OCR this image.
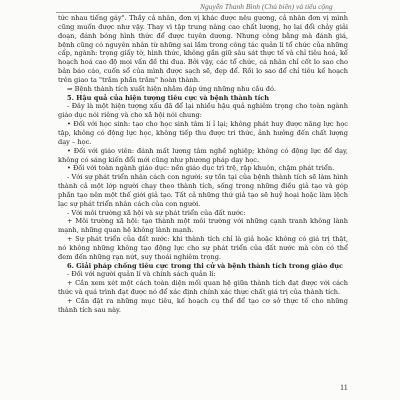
Nguyễn Thanh Bình (Chủ biên) và tiểu cộng

tức nhau tiếng gáy". Thầy cả nhân, đơn vị khác được nêu gương, cả nhân đơn vị mình cũng muốn được như vậy. Thay vì tập trung nâng cao chất lượng, họ lại đổi chảy giải đoạn, đánh bóng hình thức để được tuyên dương. Nhưng công bằng mà đánh giá, bệnh cũng có nguyên nhân từ những sai lầm trong công tác quản lí tổ chức của những cấp, ngành: trọng giấy tờ, hình thức, không gắn giữ sâu sát thực tế và chỉ tiêu hoá, kế hoạch hoá cao độ mọi vấn đề thi đua. Bởi vậy, các tổ chức, cá nhân chỉ cốt lo sao cho bản báo cáo, cuốn sổ của mình được sạch sẽ, đẹp để. Rồi lo sao để chỉ tiêu kế hoạch trên giao ta "trăm phần trăm" hoàn thành.

⇒ Bệnh thành tích xuất hiện nhằm đáp ứng những nhu cầu đó.

5. Hậu quả của hiện tượng tiêu cực và bệnh thành tích

- Đây là một hiện tượng xấu đã để lại nhiều hậu quả nghiêm trọng cho toàn ngành giáo dục nói riêng và cho xã hội nói chung:

• Đối với học sinh: tạo cho học sinh tâm lí ỉ lại; không phát huy được năng lực học tập, không có động lực học, không tiếp thu được tri thức, ảnh hưởng đến chất lượng dạy – học.

• Đối với giáo viên: đánh mất lương tâm nghề nghiệp; không có động lực để dạy, không có sáng kiến đổi mới cũng như phương pháp dạy học.

• Đối với toàn ngành giáo dục: nền giáo dục trì trệ, rập khuôn, chậm phát triển.

- Với sự phát triển nhân cách con người: sự tồn tại của bệnh thành tích sẽ làm hình thành cả một lớp người chạy theo thành tích, sống trong những điều giả tạo và góp phần tạo nên một thế giới giả tạo. Tất cả những thứ giả tạo sẽ huỷ hoại hoặc làm lệch lạc sự phát triển nhân cách của con người.

- Với môi trường xã hội và sự phát triển của đất nước:

+ Môi trường xã hội: tạo thành một môi trường với những cạnh tranh không lành mạnh, những quan hệ không lành mạnh.

+ Sự phát triển của đất nước: khi thành tích chỉ là giả hoặc không có giá trị thật, nó không những không tạo động lực cho sự phát triển của đất nước mà còn có thể đem đến những rạn nứt, suy thoái nghiêm trọng.

6. Giải pháp chống tiêu cực trong thi cử và bệnh thành tích trong giáo dục

- Đối với người quản lí và chính sách quản lí:

+ Cần xem xét một cách toàn diện mối quan hệ giữa thành tích đạt được với cách thức và quá trình đạt được nó để xác định chính xác thực chất giá trị của thành tích.

+ Cần đặt ra những mục tiêu, kế hoạch cụ thể để tạo cơ sở thực tế cho những thành tích sau này.

11
